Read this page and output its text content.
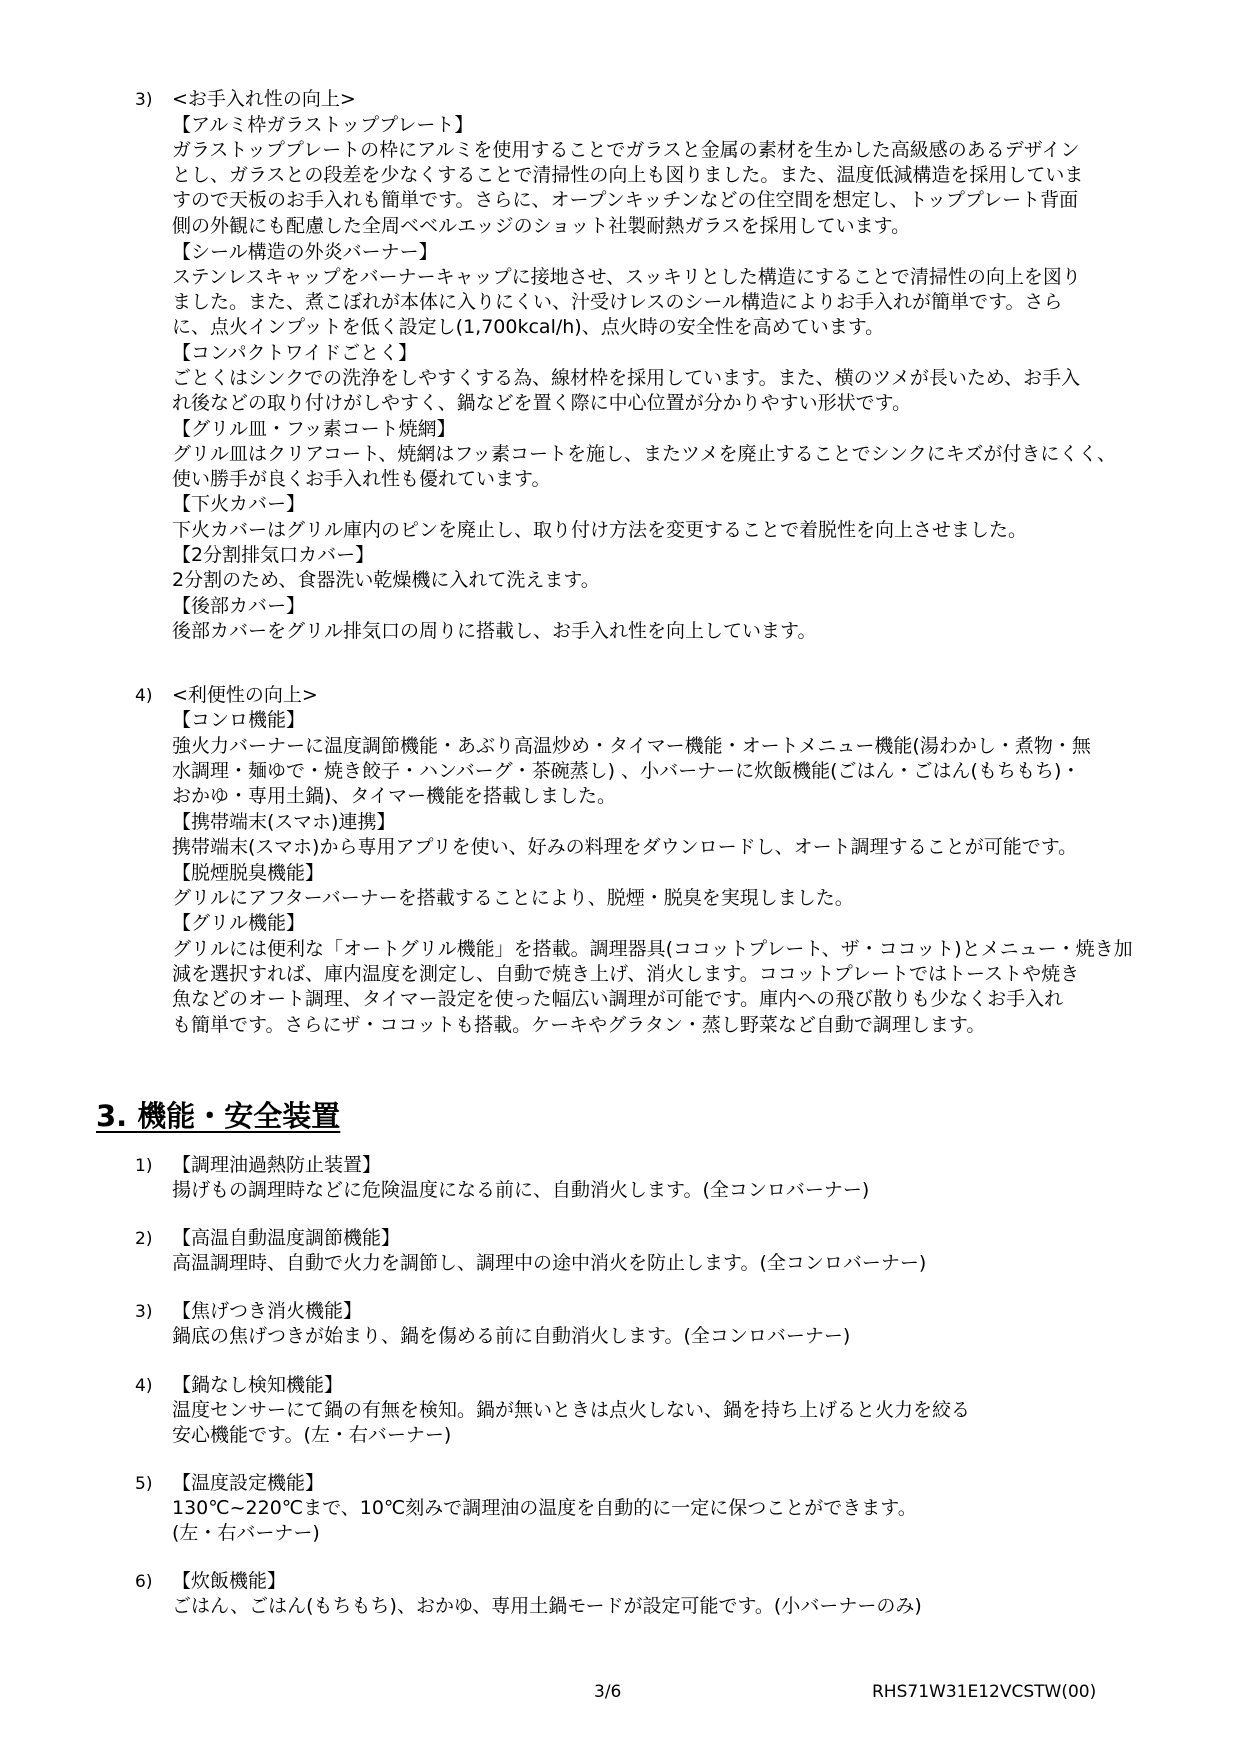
3) <お手入れ性の向上>
【アルミ枠ガラストッププレート】
ガラストッププレートの枠にアルミを使用することでガラスと金属の素材を生かした高級感のあるデザイン
とし、ガラスとの段差を少なくすることで清掃性の向上も図りました。また、温度低減構造を採用していま
すので天板のお手入れも簡単です。さらに、オープンキッチンなどの住空間を想定し、トッププレート背面
側の外観にも配慮した全周ベベルエッジのショット社製耐熱ガラスを採用しています。
【シール構造の外炎バーナー】
ステンレスキャップをバーナーキャップに接地させ、スッキリとした構造にすることで清掃性の向上を図り
ました。また、煮こぼれが本体に入りにくい、汁受けレスのシール構造によりお手入れが簡単です。さら
に、点火インプットを低く設定し(1,700kcal/h)、点火時の安全性を高めています。
【コンパクトワイドごとく】
ごとくはシンクでの洗浄をしやすくする為、線材枠を採用しています。また、横のツメが長いため、お手入
れ後などの取り付けがしやすく、鍋などを置く際に中心位置が分かりやすい形状です。
【グリル皿・フッ素コート焼網】
グリル皿はクリアコート、焼網はフッ素コートを施し、またツメを廃止することでシンクにキズが付きにくく、
使い勝手が良くお手入れ性も優れています。
【下火カバー】
下火カバーはグリル庫内のピンを廃止し、取り付け方法を変更することで着脱性を向上させました。
【2分割排気口カバー】
2分割のため、食器洗い乾燥機に入れて洗えます。
【後部カバー】
後部カバーをグリル排気口の周りに搭載し、お手入れ性を向上しています。
4) <利便性の向上>
【コンロ機能】
強火力バーナーに温度調節機能・あぶり高温炒め・タイマー機能・オートメニュー機能(湯わかし・煮物・無
水調理・麺ゆで・焼き餃子・ハンバーグ・茶碗蒸し) 、小バーナーに炊飯機能(ごはん・ごはん(もちもち)・
おかゆ・専用土鍋)、タイマー機能を搭載しました。
【携帯端末(スマホ)連携】
携帯端末(スマホ)から専用アプリを使い、好みの料理をダウンロードし、オート調理することが可能です。
【脱煙脱臭機能】
グリルにアフターバーナーを搭載することにより、脱煙・脱臭を実現しました。
【グリル機能】
グリルには便利な「オートグリル機能」を搭載。調理器具(ココットプレート、ザ・ココット)とメニュー・焼き加
減を選択すれば、庫内温度を測定し、自動で焼き上げ、消火します。ココットプレートではトーストや焼き
魚などのオート調理、タイマー設定を使った幅広い調理が可能です。庫内への飛び散りも少なくお手入れ
も簡単です。さらにザ・ココットも搭載。ケーキやグラタン・蒸し野菜など自動で調理します。
3. 機能・安全装置
1) 【調理油過熱防止装置】
揚げもの調理時などに危険温度になる前に、自動消火します。(全コンロバーナー)
2) 【高温自動温度調節機能】
高温調理時、自動で火力を調節し、調理中の途中消火を防止します。(全コンロバーナー)
3) 【焦げつき消火機能】
鍋底の焦げつきが始まり、鍋を傷める前に自動消火します。(全コンロバーナー)
4) 【鍋なし検知機能】
温度センサーにて鍋の有無を検知。鍋が無いときは点火しない、鍋を持ち上げると火力を絞る
安心機能です。(左・右バーナー)
5) 【温度設定機能】
130℃~220℃まで、10℃刻みで調理油の温度を自動的に一定に保つことができます。
(左・右バーナー)
6) 【炊飯機能】
ごはん、ごはん(もちもち)、おかゆ、専用土鍋モードが設定可能です。(小バーナーのみ)
3/6	RHS71W31E12VCSTW(00)
